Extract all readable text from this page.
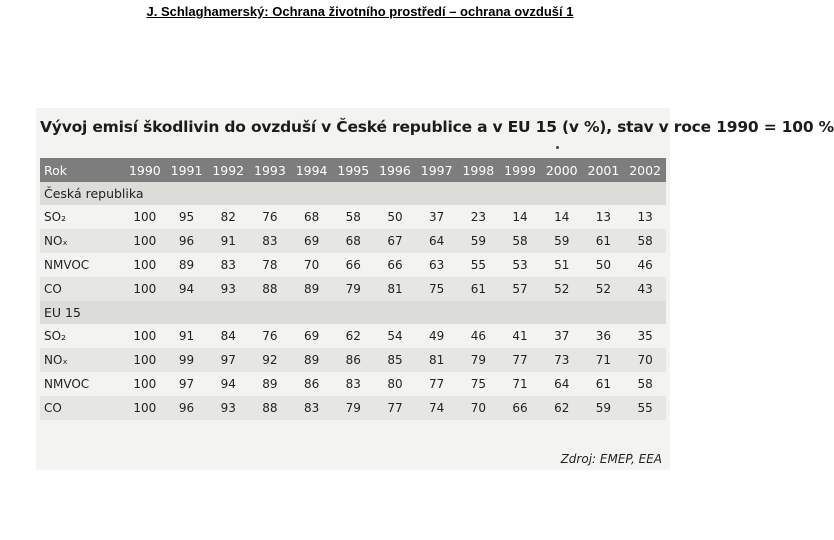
J. Schlaghamerský: Ochrana životního prostředí – ochrana ovzduší 1
Vývoj emisí škodlivin do ovzduší v České republice a v EU 15 (v %), stav v roce 1990 = 100 %
Rok	1990	1991	1992	1993	1994	1995	1996	1997	1998	1999	2000	2001	2002
Česká republika													
SO₂	100	95	82	76	68	58	50	37	23	14	14	13	13
NOₓ	100	96	91	83	69	68	67	64	59	58	59	61	58
NMVOC	100	89	83	78	70	66	66	63	55	53	51	50	46
CO	100	94	93	88	89	79	81	75	61	57	52	52	43
EU 15													
SO₂	100	91	84	76	69	62	54	49	46	41	37	36	35
NOₓ	100	99	97	92	89	86	85	81	79	77	73	71	70
NMVOC	100	97	94	89	86	83	80	77	75	71	64	61	58
CO	100	96	93	88	83	79	77	74	70	66	62	59	55
Zdroj: EMEP, EEA
